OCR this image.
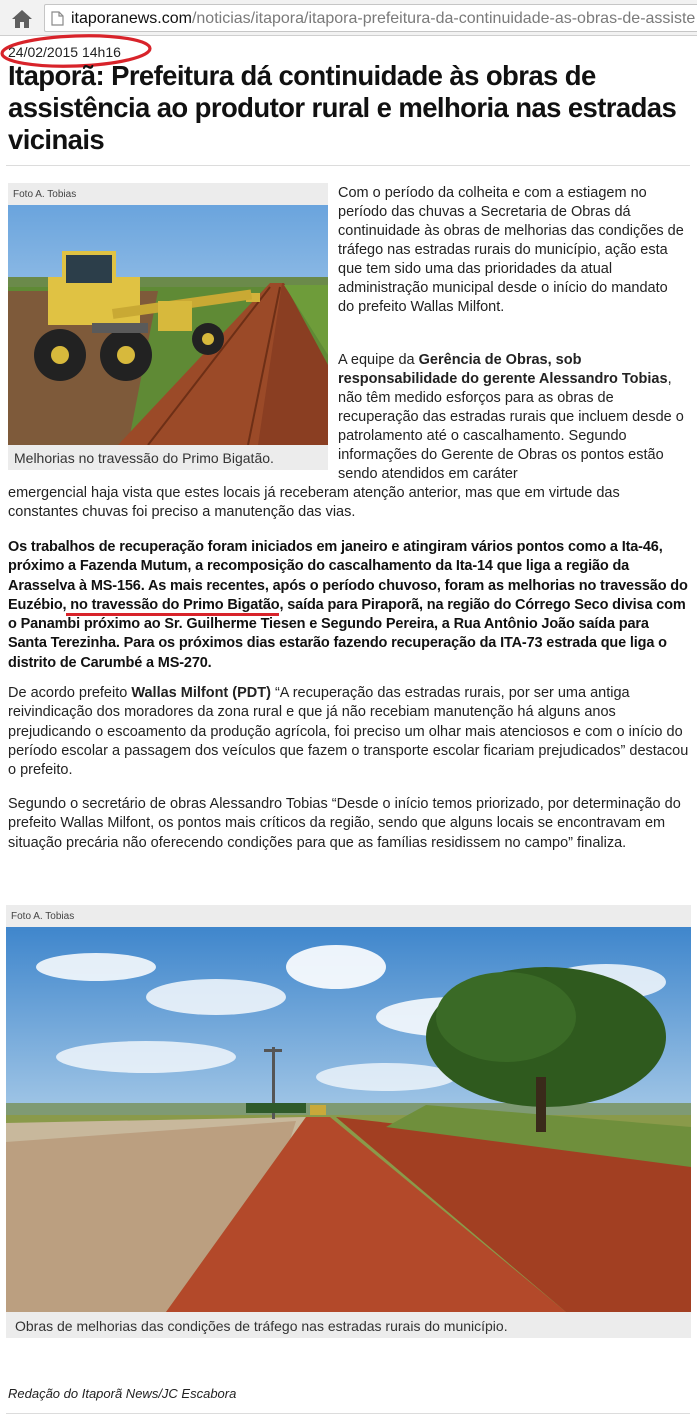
itaporanews.com/noticias/itapora/itapora-prefeitura-da-continuidade-as-obras-de-assiste
24/02/2015 14h16
Itaporã: Prefeitura dá continuidade às obras de assistência ao produtor rural e melhoria nas estradas vicinais
Foto A. Tobias
Melhorias no travessão do Primo Bigatão.

Com o período da colheita e com a estiagem no período das chuvas a Secretaria de Obras dá continuidade às obras de melhorias das condições de tráfego nas estradas rurais do município, ação esta que tem sido uma das prioridades da atual administração municipal desde o início do mandato do prefeito Wallas Milfont.

A equipe da Gerência de Obras, sob responsabilidade do gerente Alessandro Tobias, não têm medido esforços para as obras de recuperação das estradas rurais que incluem desde o patrolamento até o cascalhamento. Segundo informações do Gerente de Obras os pontos estão sendo atendidos em caráter

emergencial haja vista que estes locais já receberam atenção anterior, mas que em virtude das

constantes chuvas foi preciso a manutenção das vias.

Os trabalhos de recuperação foram iniciados em janeiro e atingiram vários pontos como a Ita-46, próximo a Fazenda Mutum, a recomposição do cascalhamento da Ita-14 que liga a região da Arasselva à MS-156. As mais recentes, após o período chuvoso, foram as melhorias no travessão do Euzébio, no travessão do Primo Bigatão, saída para Piraporã, na região do Córrego Seco divisa com o Panambi próximo ao Sr. Guilherme Tiesen e Segundo Pereira, a Rua Antônio João saída para Santa Terezinha. Para os próximos dias estarão fazendo recuperação da ITA-73 estrada que liga o distrito de Carumbé a MS-270.

De acordo prefeito Wallas Milfont (PDT) “A recuperação das estradas rurais, por ser uma antiga reivindicação dos moradores da zona rural e que já não recebiam manutenção há alguns anos prejudicando o escoamento da produção agrícola, foi preciso um olhar mais atenciosos e com o início do período escolar a passagem dos veículos que fazem o transporte escolar ficariam prejudicados” destacou o prefeito.

Segundo o secretário de obras Alessandro Tobias “Desde o início temos priorizado, por determinação do prefeito Wallas Milfont, os pontos mais críticos da região, sendo que alguns locais se encontravam em situação precária não oferecendo condições para que as famílias residissem no campo” finaliza.

Foto A. Tobias
Obras de melhorias das condições de tráfego nas estradas rurais do município.
Redação do Itaporã News/JC Escabora
